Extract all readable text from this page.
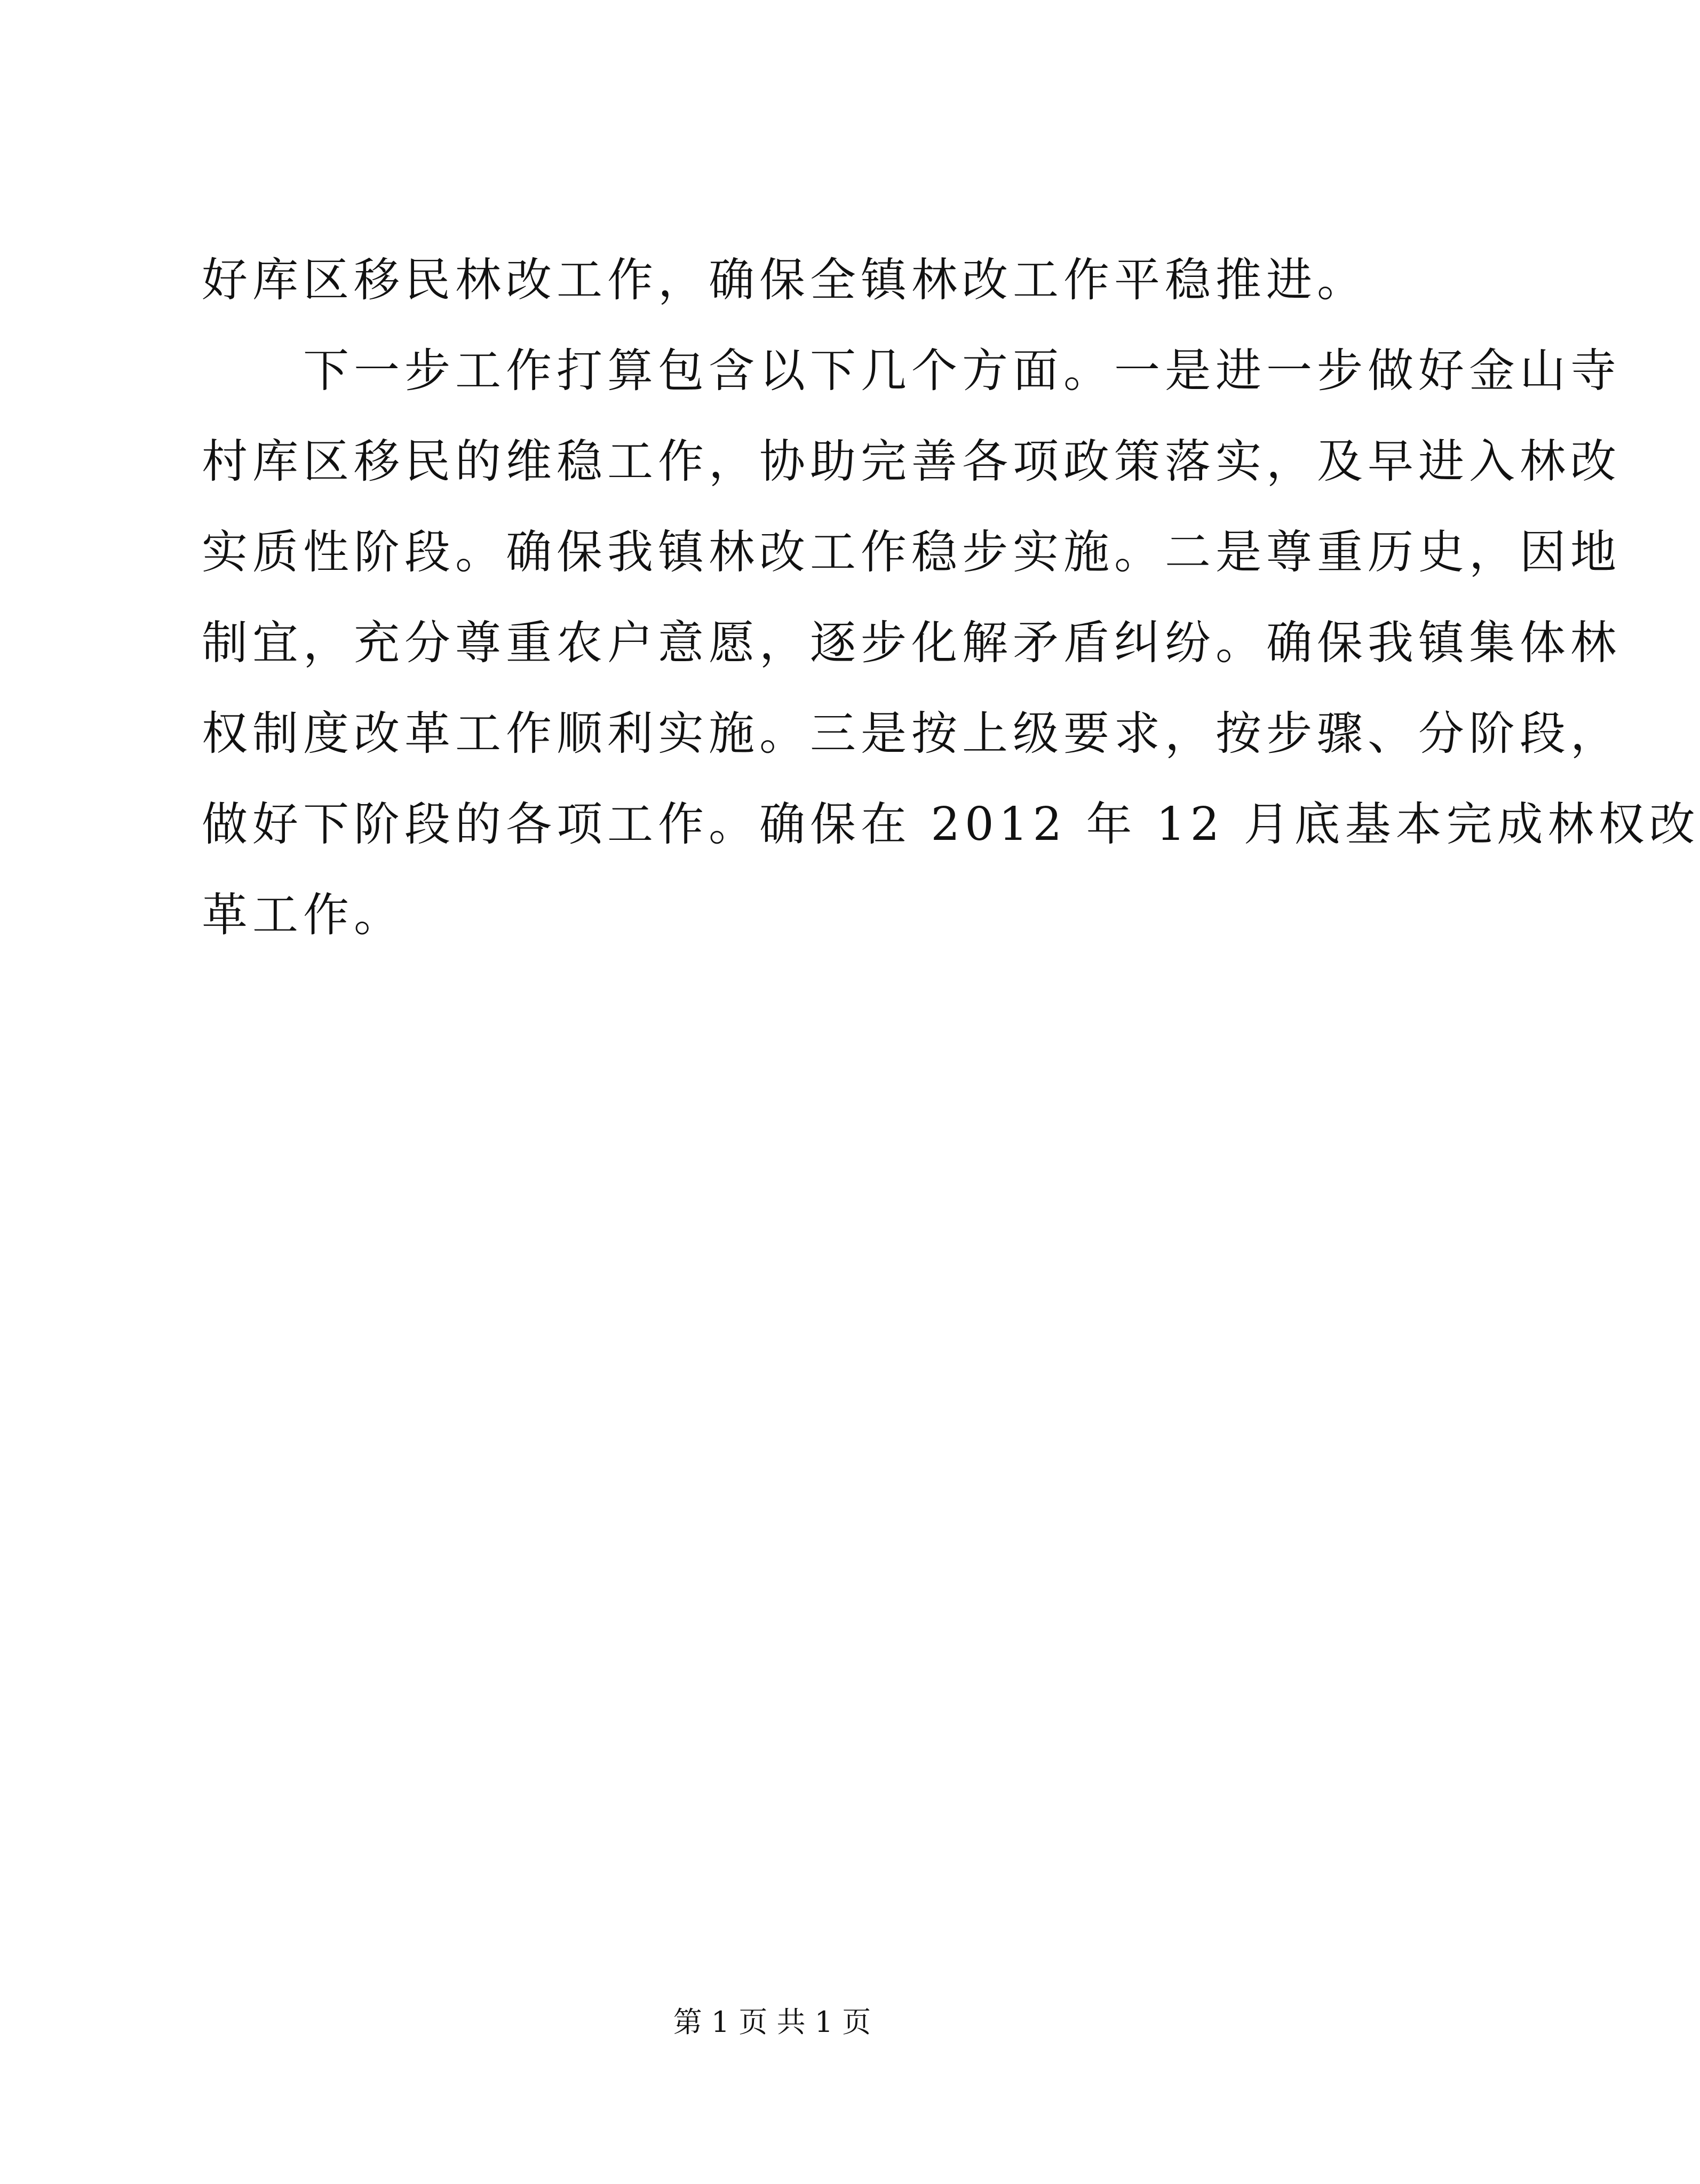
好库区移民林改工作，确保全镇林改工作平稳推进。
　　下一步工作打算包含以下几个方面。一是进一步做好金山寺
村库区移民的维稳工作，协助完善各项政策落实，及早进入林改
实质性阶段。确保我镇林改工作稳步实施。二是尊重历史，因地
制宜，充分尊重农户意愿，逐步化解矛盾纠纷。确保我镇集体林
权制度改革工作顺利实施。三是按上级要求，按步骤、分阶段，
做好下阶段的各项工作。确保在 2012 年 12 月底基本完成林权改
革工作。
第 1 页 共 1 页
